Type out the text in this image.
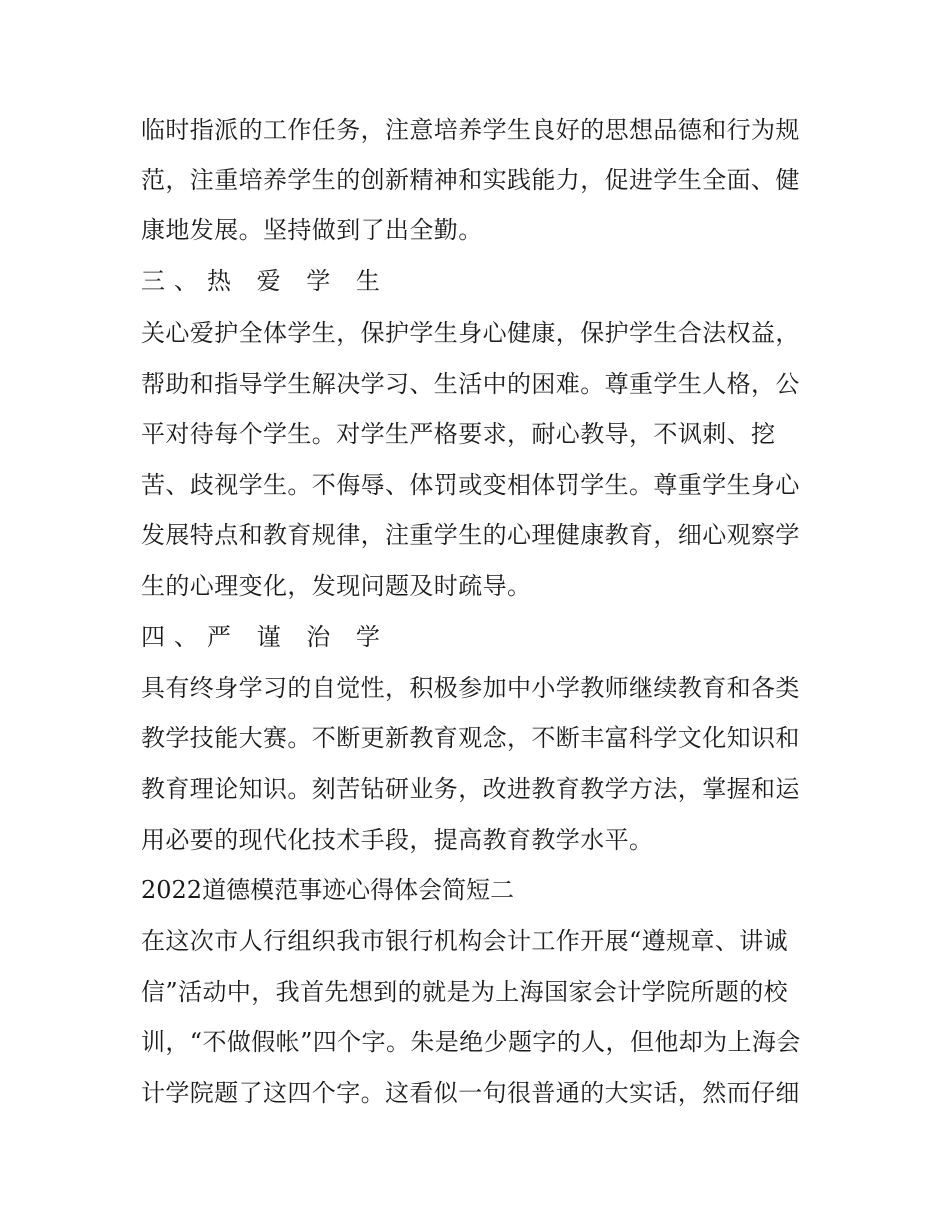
临时指派的工作任务，注意培养学生良好的思想品德和行为规
范，注重培养学生的创新精神和实践能力，促进学生全面、健
康地发展。坚持做到了出全勤。
三、热 爱 学 生
关心爱护全体学生，保护学生身心健康，保护学生合法权益，
帮助和指导学生解决学习、生活中的困难。尊重学生人格，公
平对待每个学生。对学生严格要求，耐心教导，不讽刺、挖
苦、歧视学生。不侮辱、体罚或变相体罚学生。尊重学生身心
发展特点和教育规律，注重学生的心理健康教育，细心观察学
生的心理变化，发现问题及时疏导。
四、严 谨 治 学
具有终身学习的自觉性，积极参加中小学教师继续教育和各类
教学技能大赛。不断更新教育观念，不断丰富科学文化知识和
教育理论知识。刻苦钻研业务，改进教育教学方法，掌握和运
用必要的现代化技术手段，提高教育教学水平。
2022道德模范事迹心得体会简短二
在这次市人行组织我市银行机构会计工作开展“遵规章、讲诚
信”活动中，我首先想到的就是为上海国家会计学院所题的校
训，“不做假帐”四个字。朱是绝少题字的人，但他却为上海会
计学院题了这四个字。这看似一句很普通的大实话，然而仔细
